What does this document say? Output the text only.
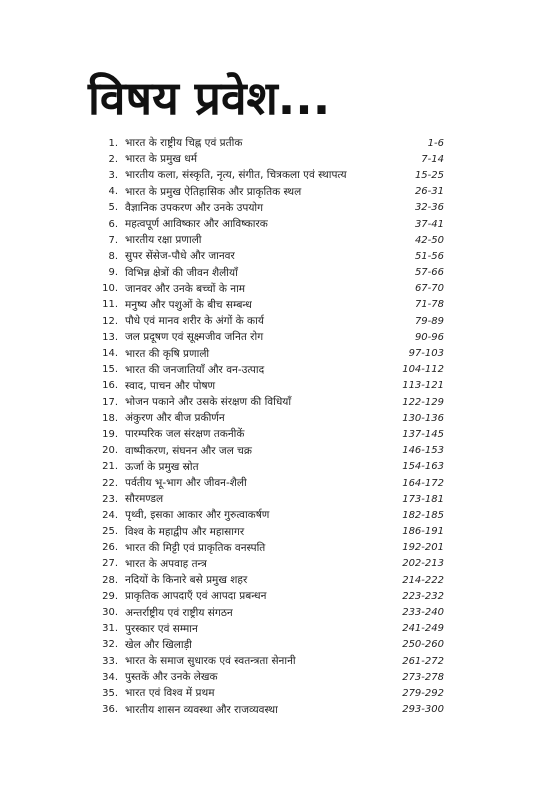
विषय प्रवेश...
1. भारत के राष्ट्रीय चिह्न एवं प्रतीक	1-6
2. भारत के प्रमुख धर्म	7-14
3. भारतीय कला, संस्कृति, नृत्य, संगीत, चित्रकला एवं स्थापत्य	15-25
4. भारत के प्रमुख ऐतिहासिक और प्राकृतिक स्थल	26-31
5. वैज्ञानिक उपकरण और उनके उपयोग	32-36
6. महत्वपूर्ण आविष्कार और आविष्कारक	37-41
7. भारतीय रक्षा प्रणाली	42-50
8. सुपर सेंसेज-पौधे और जानवर	51-56
9. विभिन्न क्षेत्रों की जीवन शैलीयाँ	57-66
10. जानवर और उनके बच्चों के नाम	67-70
11. मनुष्य और पशुओं के बीच सम्बन्ध	71-78
12. पौधे एवं मानव शरीर के अंगों के कार्य	79-89
13. जल प्रदूषण एवं सूक्ष्मजीव जनित रोग	90-96
14. भारत की कृषि प्रणाली	97-103
15. भारत की जनजातियाँ और वन-उत्पाद	104-112
16. स्वाद, पाचन और पोषण	113-121
17. भोजन पकाने और उसके संरक्षण की विधियाँ	122-129
18. अंकुरण और बीज प्रकीर्णन	130-136
19. पारम्परिक जल संरक्षण तकनीकें	137-145
20. वाष्पीकरण, संघनन और जल चक्र	146-153
21. ऊर्जा के प्रमुख स्रोत	154-163
22. पर्वतीय भू-भाग और जीवन-शैली	164-172
23. सौरमण्डल	173-181
24. पृथ्वी, इसका आकार और गुरुत्वाकर्षण	182-185
25. विश्व के महाद्वीप और महासागर	186-191
26. भारत की मिट्टी एवं प्राकृतिक वनस्पति	192-201
27. भारत के अपवाह तन्त्र	202-213
28. नदियों के किनारे बसे प्रमुख शहर	214-222
29. प्राकृतिक आपदाएँ एवं आपदा प्रबन्धन	223-232
30. अन्तर्राष्ट्रीय एवं राष्ट्रीय संगठन	233-240
31. पुरस्कार एवं सम्मान	241-249
32. खेल और खिलाड़ी	250-260
33. भारत के समाज सुधारक एवं स्वतन्त्रता सेनानी	261-272
34. पुस्तकें और उनके लेखक	273-278
35. भारत एवं विश्व में प्रथम	279-292
36. भारतीय शासन व्यवस्था और राजव्यवस्था	293-300
